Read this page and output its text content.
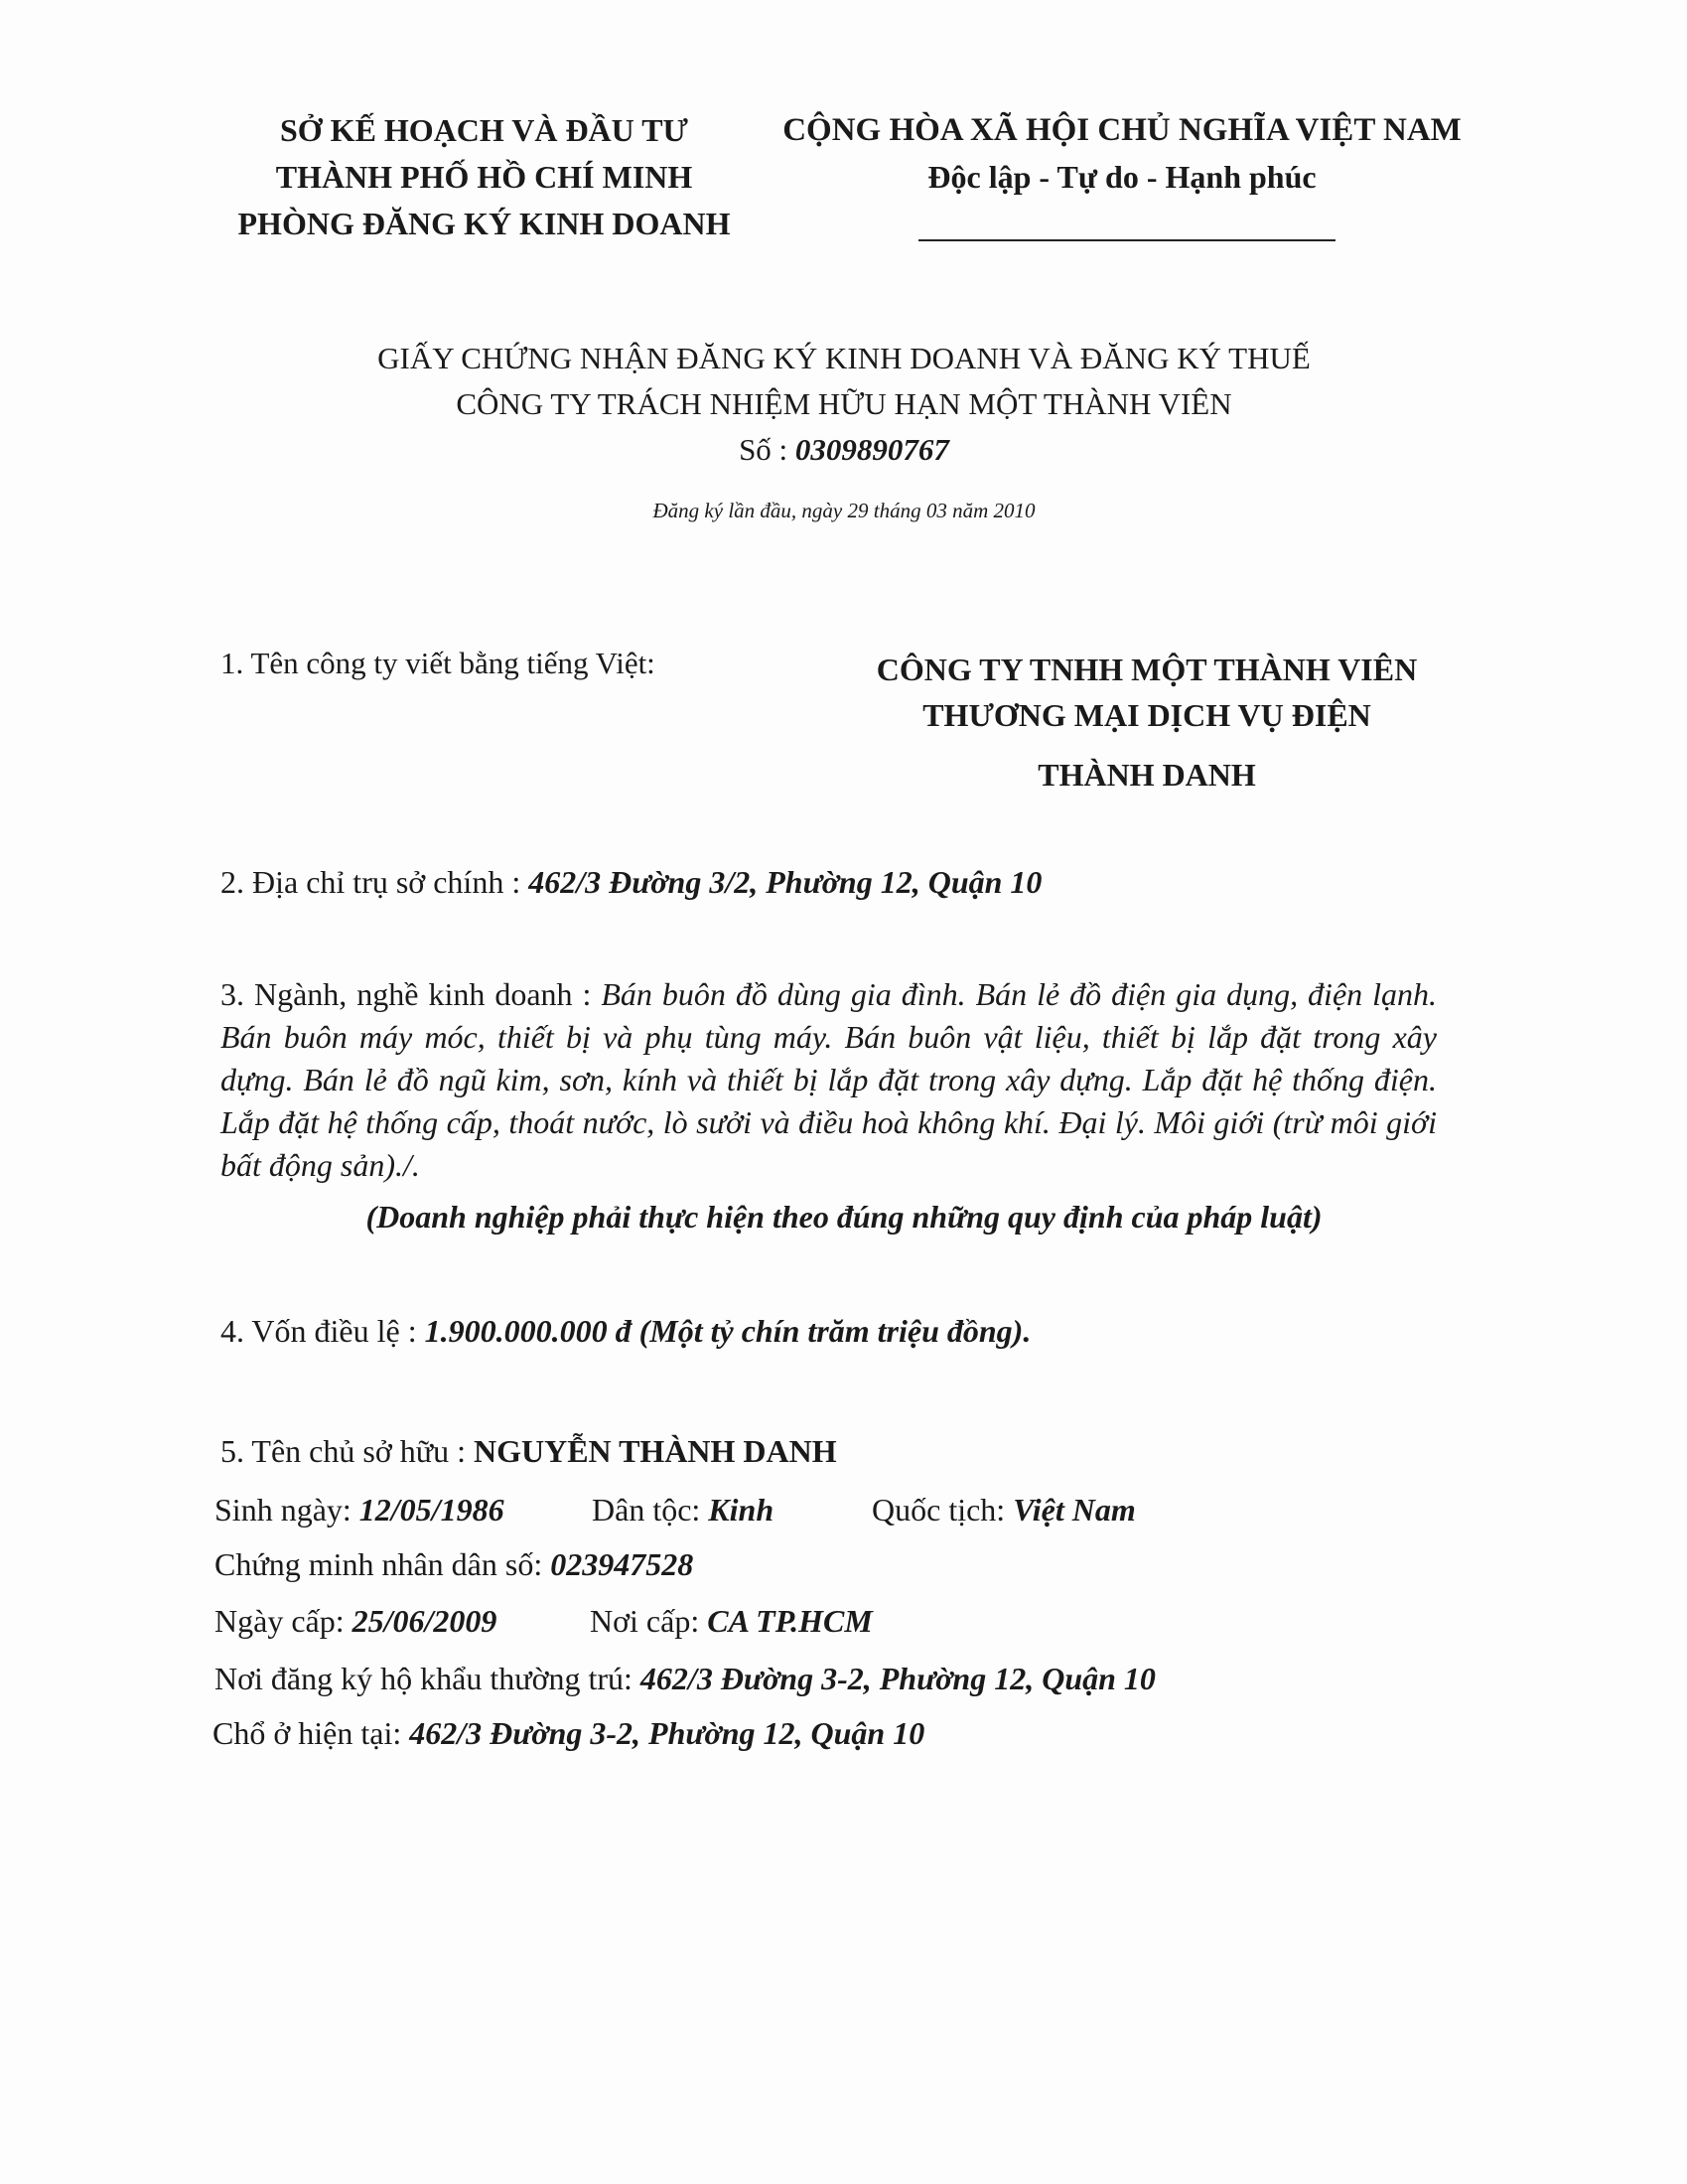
SỞ KẾ HOẠCH VÀ ĐẦU TƯ
THÀNH PHỐ HỒ CHÍ MINH
PHÒNG ĐĂNG KÝ KINH DOANH
CỘNG HÒA XÃ HỘI CHỦ NGHĨA VIỆT NAM
Độc lập - Tự do - Hạnh phúc
GIẤY CHỨNG NHẬN ĐĂNG KÝ KINH DOANH VÀ ĐĂNG KÝ THUẾ
CÔNG TY TRÁCH NHIỆM HỮU HẠN MỘT THÀNH VIÊN
Số : 0309890767
Đăng ký lần đầu, ngày 29 tháng 03 năm 2010
1. Tên công ty viết bằng tiếng Việt:	CÔNG TY TNHH MỘT THÀNH VIÊN
THƯƠNG MẠI DỊCH VỤ ĐIỆN
THÀNH DANH
2. Địa chỉ trụ sở chính : 462/3 Đường 3/2, Phường 12, Quận 10
3. Ngành, nghề kinh doanh : Bán buôn đồ dùng gia đình. Bán lẻ đồ điện gia dụng, điện lạnh. Bán buôn máy móc, thiết bị và phụ tùng máy. Bán buôn vật liệu, thiết bị lắp đặt trong xây dựng. Bán lẻ đồ ngũ kim, sơn, kính và thiết bị lắp đặt trong xây dựng. Lắp đặt hệ thống điện. Lắp đặt hệ thống cấp, thoát nước, lò sưởi và điều hoà không khí. Đại lý. Môi giới (trừ môi giới bất động sản)./.
(Doanh nghiệp phải thực hiện theo đúng những quy định của pháp luật)
4. Vốn điều lệ : 1.900.000.000 đ (Một tỷ chín trăm triệu đồng).
5. Tên chủ sở hữu : NGUYỄN THÀNH DANH
Sinh ngày: 12/05/1986	Dân tộc: Kinh	Quốc tịch: Việt Nam
Chứng minh nhân dân số: 023947528
Ngày cấp: 25/06/2009	Nơi cấp: CA TP.HCM
Nơi đăng ký hộ khẩu thường trú: 462/3 Đường 3-2, Phường 12, Quận 10
Chổ ở hiện tại: 462/3 Đường 3-2, Phường 12, Quận 10
